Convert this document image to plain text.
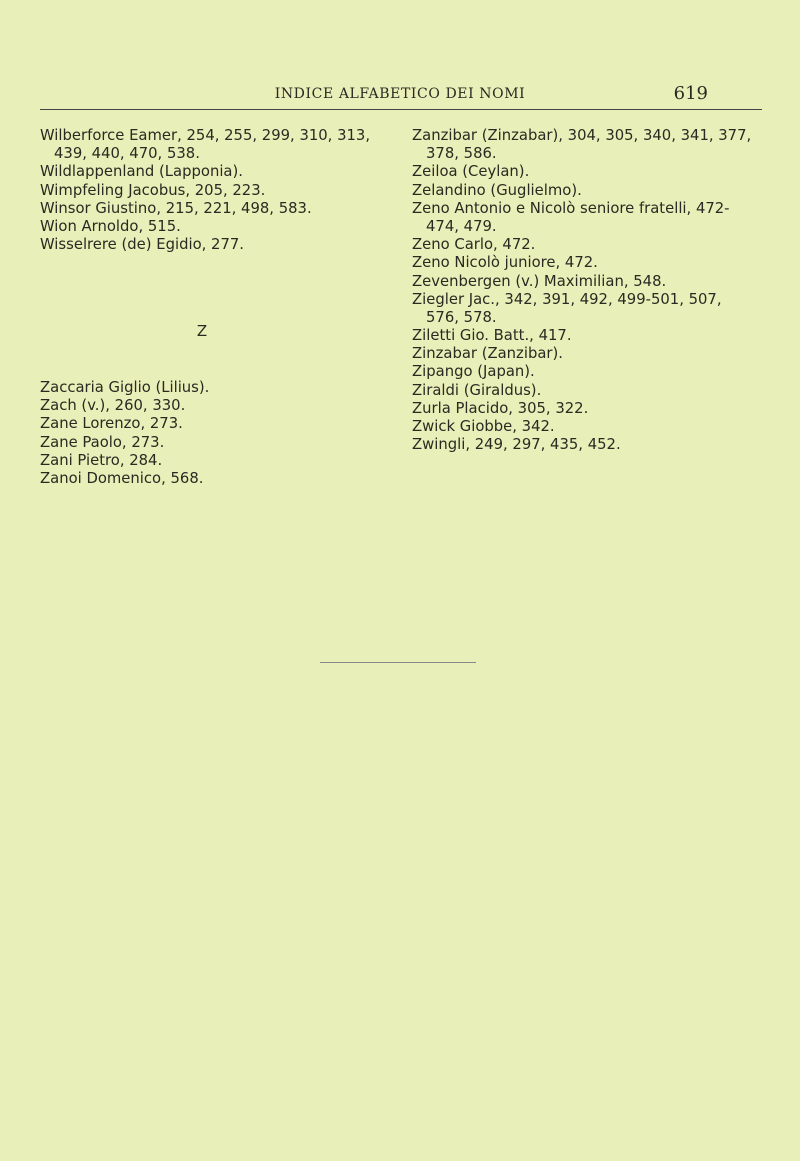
INDICE ALFABETICO DEI NOMI	619
Wilberforce Eamer, 254, 255, 299, 310, 313,
439, 440, 470, 538.
Wildlappenland (Lapponia).
Wimpfeling Jacobus, 205, 223.
Winsor Giustino, 215, 221, 498, 583.
Wion Arnoldo, 515.
Wisselrere (de) Egidio, 277.
Z
Zaccaria Giglio (Lilius).
Zach (v.), 260, 330.
Zane Lorenzo, 273.
Zane Paolo, 273.
Zani Pietro, 284.
Zanoi Domenico, 568.
Zanzibar (Zinzabar), 304, 305, 340, 341, 377,
378, 586.
Zeiloa (Ceylan).
Zelandino (Guglielmo).
Zeno Antonio e Nicolò seniore fratelli, 472-
474, 479.
Zeno Carlo, 472.
Zeno Nicolò juniore, 472.
Zevenbergen (v.) Maximilian, 548.
Ziegler Jac., 342, 391, 492, 499-501, 507,
576, 578.
Ziletti Gio. Batt., 417.
Zinzabar (Zanzibar).
Zipango (Japan).
Ziraldi (Giraldus).
Zurla Placido, 305, 322.
Zwick Giobbe, 342.
Zwingli, 249, 297, 435, 452.
